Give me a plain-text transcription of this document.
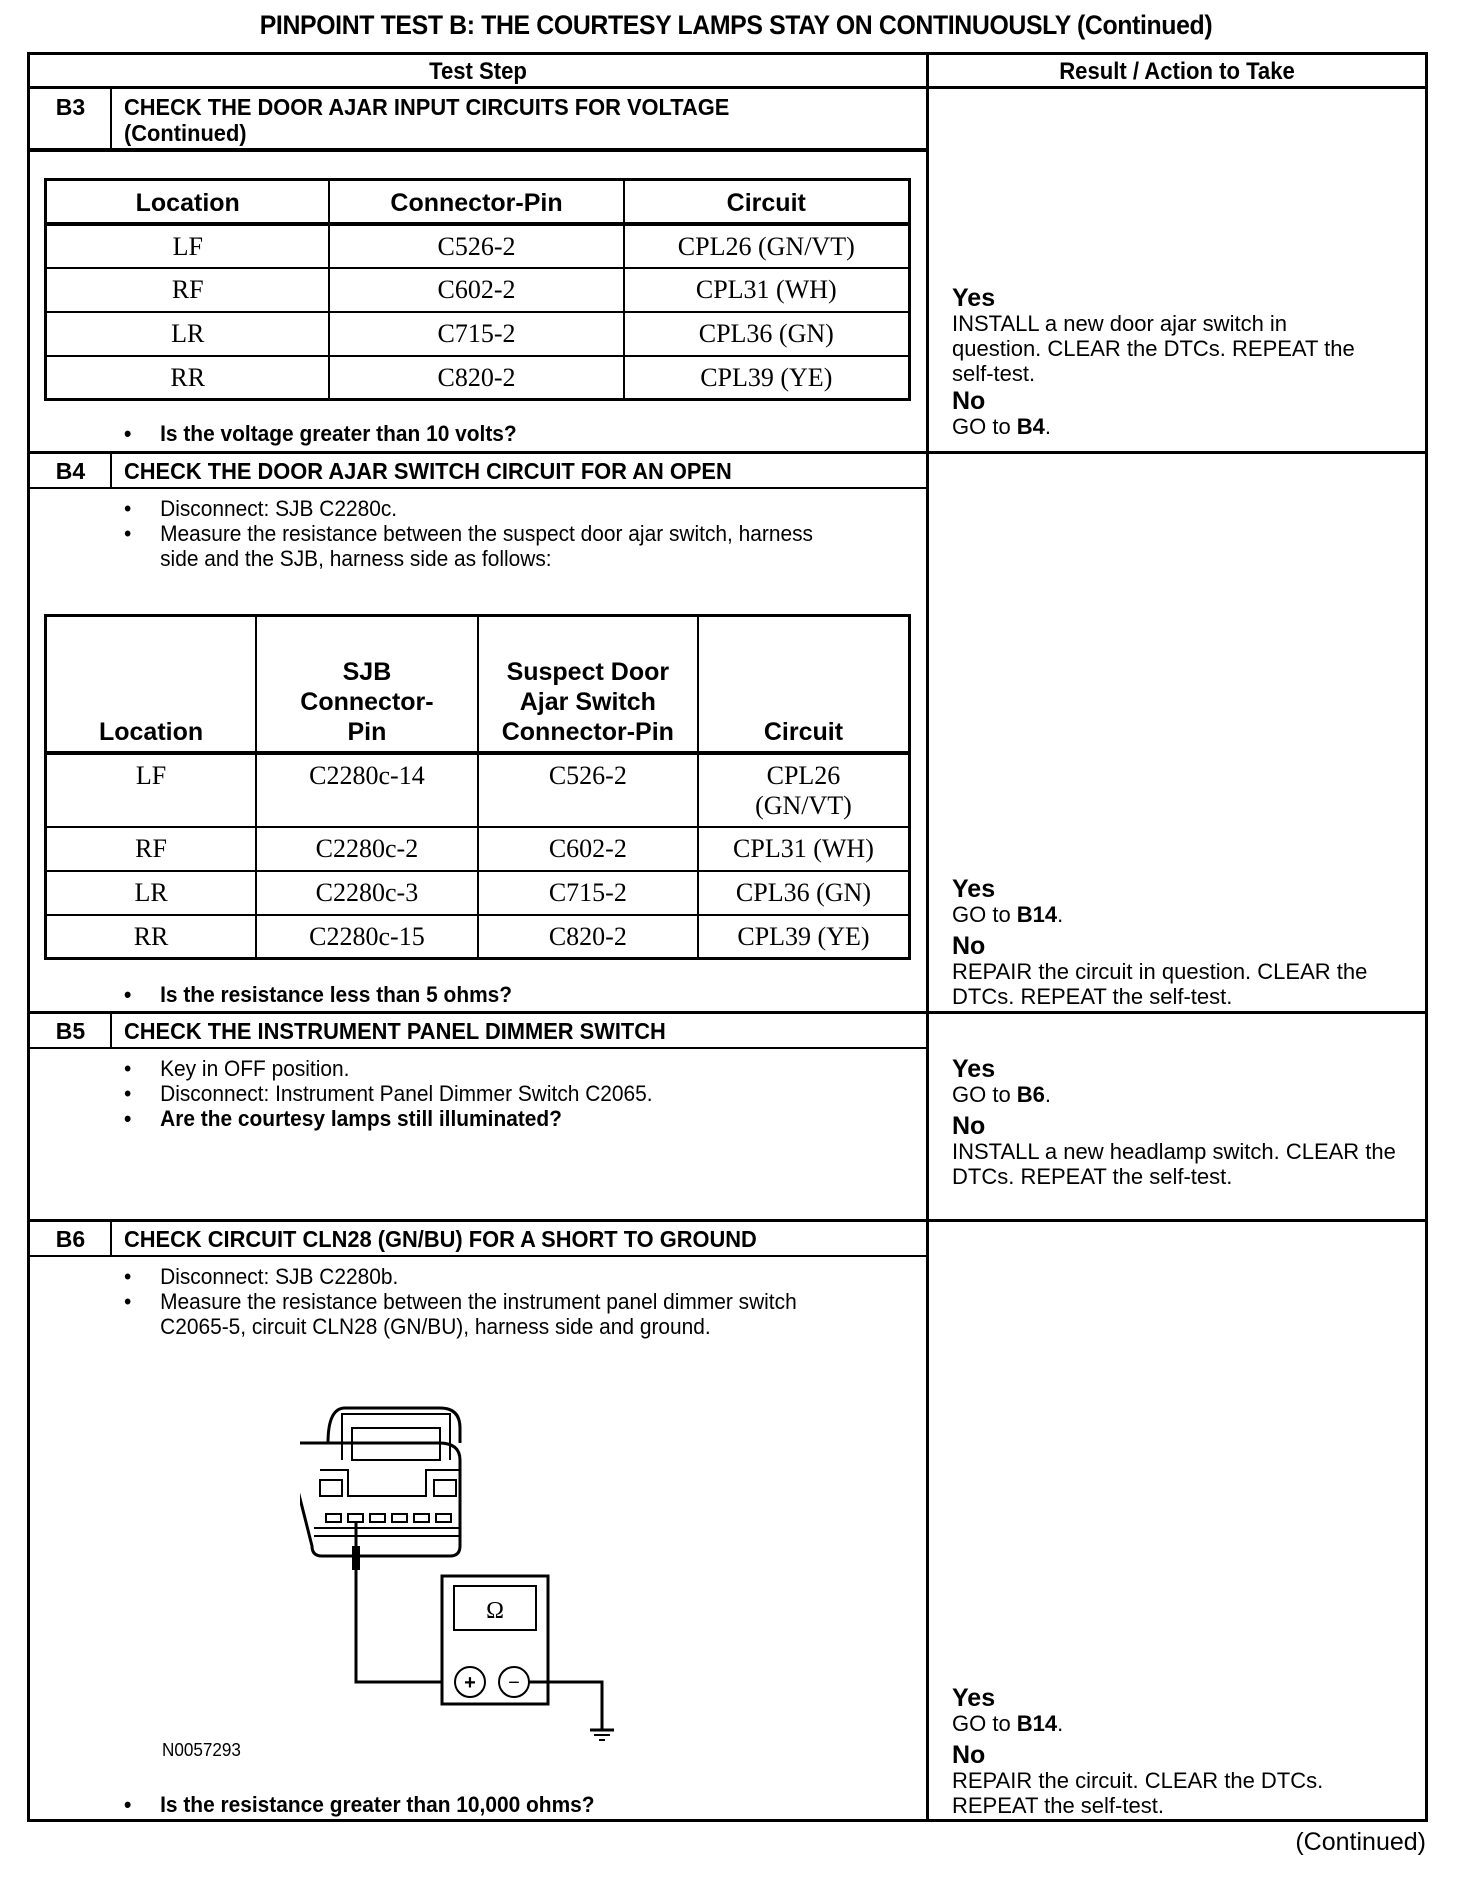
PINPOINT TEST B: THE COURTESY LAMPS STAY ON CONTINUOUSLY (Continued)
Test Step	Result / Action to Take
B3	CHECK THE DOOR AJAR INPUT CIRCUITS FOR VOLTAGE
(Continued)
Location	Connector-Pin	Circuit
LF	C526-2	CPL26 (GN/VT)
RF	C602-2	CPL31 (WH)
LR	C715-2	CPL36 (GN)
RR	C820-2	CPL39 (YE)
• Is the voltage greater than 10 volts?
Yes
INSTALL a new door ajar switch in question. CLEAR the DTCs. REPEAT the self-test.
No
GO to B4.
B4	CHECK THE DOOR AJAR SWITCH CIRCUIT FOR AN OPEN
• Disconnect: SJB C2280c.
• Measure the resistance between the suspect door ajar switch, harness side and the SJB, harness side as follows:
Location	SJB Connector-Pin	Suspect Door Ajar Switch Connector-Pin	Circuit
LF	C2280c-14	C526-2	CPL26 (GN/VT)
RF	C2280c-2	C602-2	CPL31 (WH)
LR	C2280c-3	C715-2	CPL36 (GN)
RR	C2280c-15	C820-2	CPL39 (YE)
• Is the resistance less than 5 ohms?
Yes
GO to B14.
No
REPAIR the circuit in question. CLEAR the DTCs. REPEAT the self-test.
B5	CHECK THE INSTRUMENT PANEL DIMMER SWITCH
• Key in OFF position.
• Disconnect: Instrument Panel Dimmer Switch C2065.
• Are the courtesy lamps still illuminated?
Yes
GO to B6.
No
INSTALL a new headlamp switch. CLEAR the DTCs. REPEAT the self-test.
B6	CHECK CIRCUIT CLN28 (GN/BU) FOR A SHORT TO GROUND
• Disconnect: SJB C2280b.
• Measure the resistance between the instrument panel dimmer switch C2065-5, circuit CLN28 (GN/BU), harness side and ground.
Ω
+ −
N0057293
• Is the resistance greater than 10,000 ohms?
Yes
GO to B14.
No
REPAIR the circuit. CLEAR the DTCs. REPEAT the self-test.
(Continued)
